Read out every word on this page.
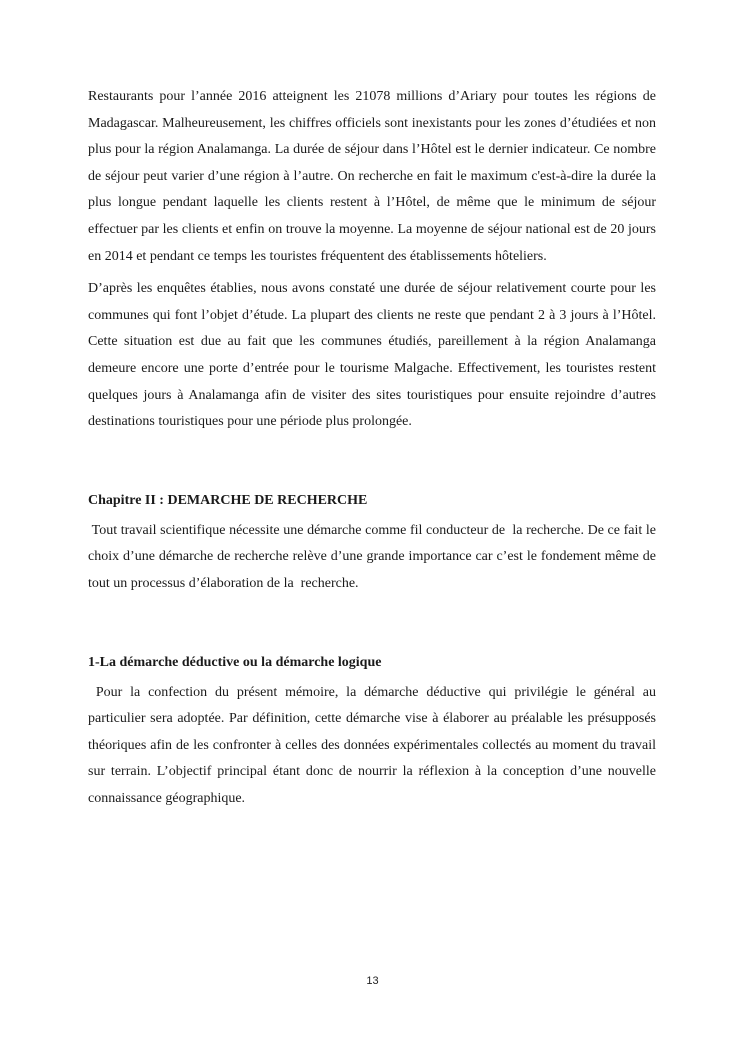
Restaurants pour l’année 2016 atteignent les 21078 millions d’Ariary pour toutes les régions de Madagascar. Malheureusement, les chiffres officiels sont inexistants pour les zones d’étudiées et non plus pour la région Analamanga. La durée de séjour dans l’Hôtel est le dernier indicateur. Ce nombre de séjour peut varier d’une région à l’autre. On recherche en fait le maximum c'est-à-dire la durée la plus longue pendant laquelle les clients restent à l’Hôtel, de même que le minimum de séjour effectuer par les clients et enfin on trouve la moyenne. La moyenne de séjour national est de 20 jours en 2014 et pendant ce temps les touristes fréquentent des établissements hôteliers.

D’après les enquêtes établies, nous avons constaté une durée de séjour relativement courte pour les communes qui font l’objet d’étude. La plupart des clients ne reste que pendant 2 à 3 jours à l’Hôtel. Cette situation est due au fait que les communes étudiés, pareillement à la région Analamanga demeure encore une porte d’entrée pour le tourisme Malgache. Effectivement, les touristes restent quelques jours à Analamanga afin de visiter des sites touristiques pour ensuite rejoindre d’autres destinations touristiques pour une période plus prolongée.

Chapitre II : DEMARCHE DE RECHERCHE

Tout travail scientifique nécessite une démarche comme fil conducteur de  la recherche. De ce fait le choix d’une démarche de recherche relève d’une grande importance car c’est le fondement même de tout un processus d’élaboration de la  recherche.

1-La démarche déductive ou la démarche logique

Pour la confection du présent mémoire, la démarche déductive qui privilégie le général au particulier sera adoptée. Par définition, cette démarche vise à élaborer au préalable les présupposés théoriques afin de les confronter à celles des données expérimentales collectés au moment du travail sur terrain. L’objectif principal étant donc de nourrir la réflexion à la conception d’une nouvelle connaissance géographique.

13
